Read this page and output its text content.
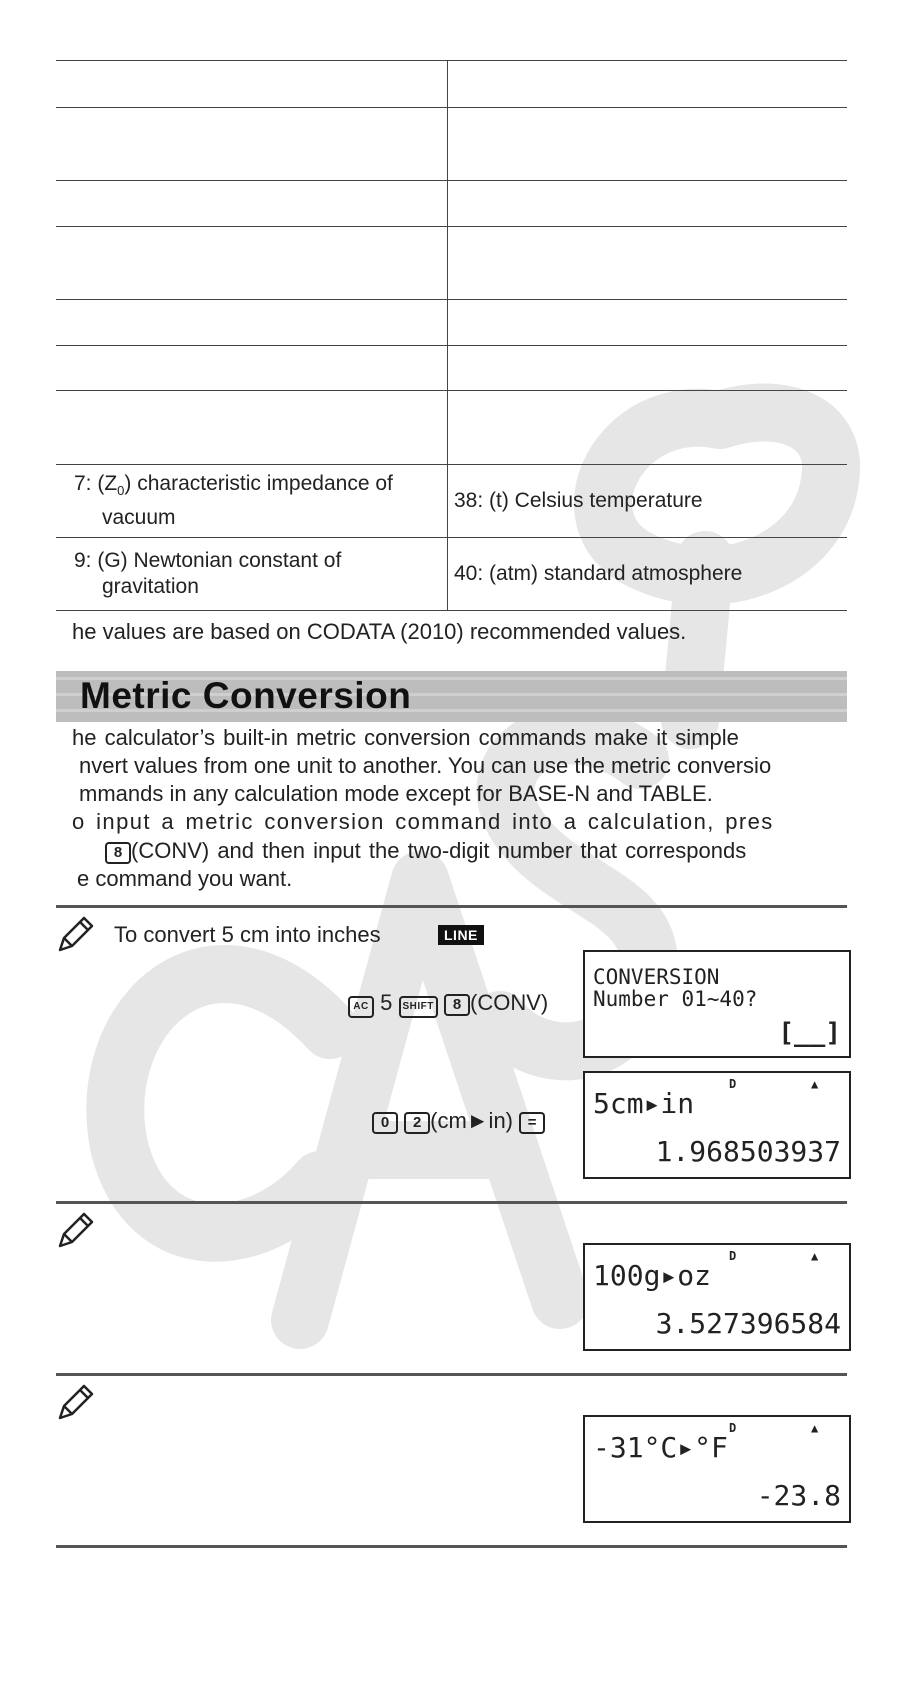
7: $(Z_0)$ characteristic impedance of vacuum	38: (t) Celsius temperature
9: (G) Newtonian constant of gravitation	40: (atm) standard atmosphere
he values are based on CODATA (2010) recommended values.
Metric Conversion
he calculator’s built-in metric conversion commands make it simple
nvert values from one unit to another. You can use the metric conversio
mmands in any calculation mode except for BASE-N and TABLE.
o input a metric conversion command into a calculation, pres
8 (CONV) and then input the two-digit number that corresponds
e command you want.
To convert 5 cm into inches	LINE
AC 5 SHIFT 8 (CONV)
CONVERSION
Number 01~40?
[__]
0 2 (cm►in) =
D	▲
5cm▸in
1.968503937
D	▲
100g▸oz
3.527396584
D	▲
-31°C▸°F
-23.8
